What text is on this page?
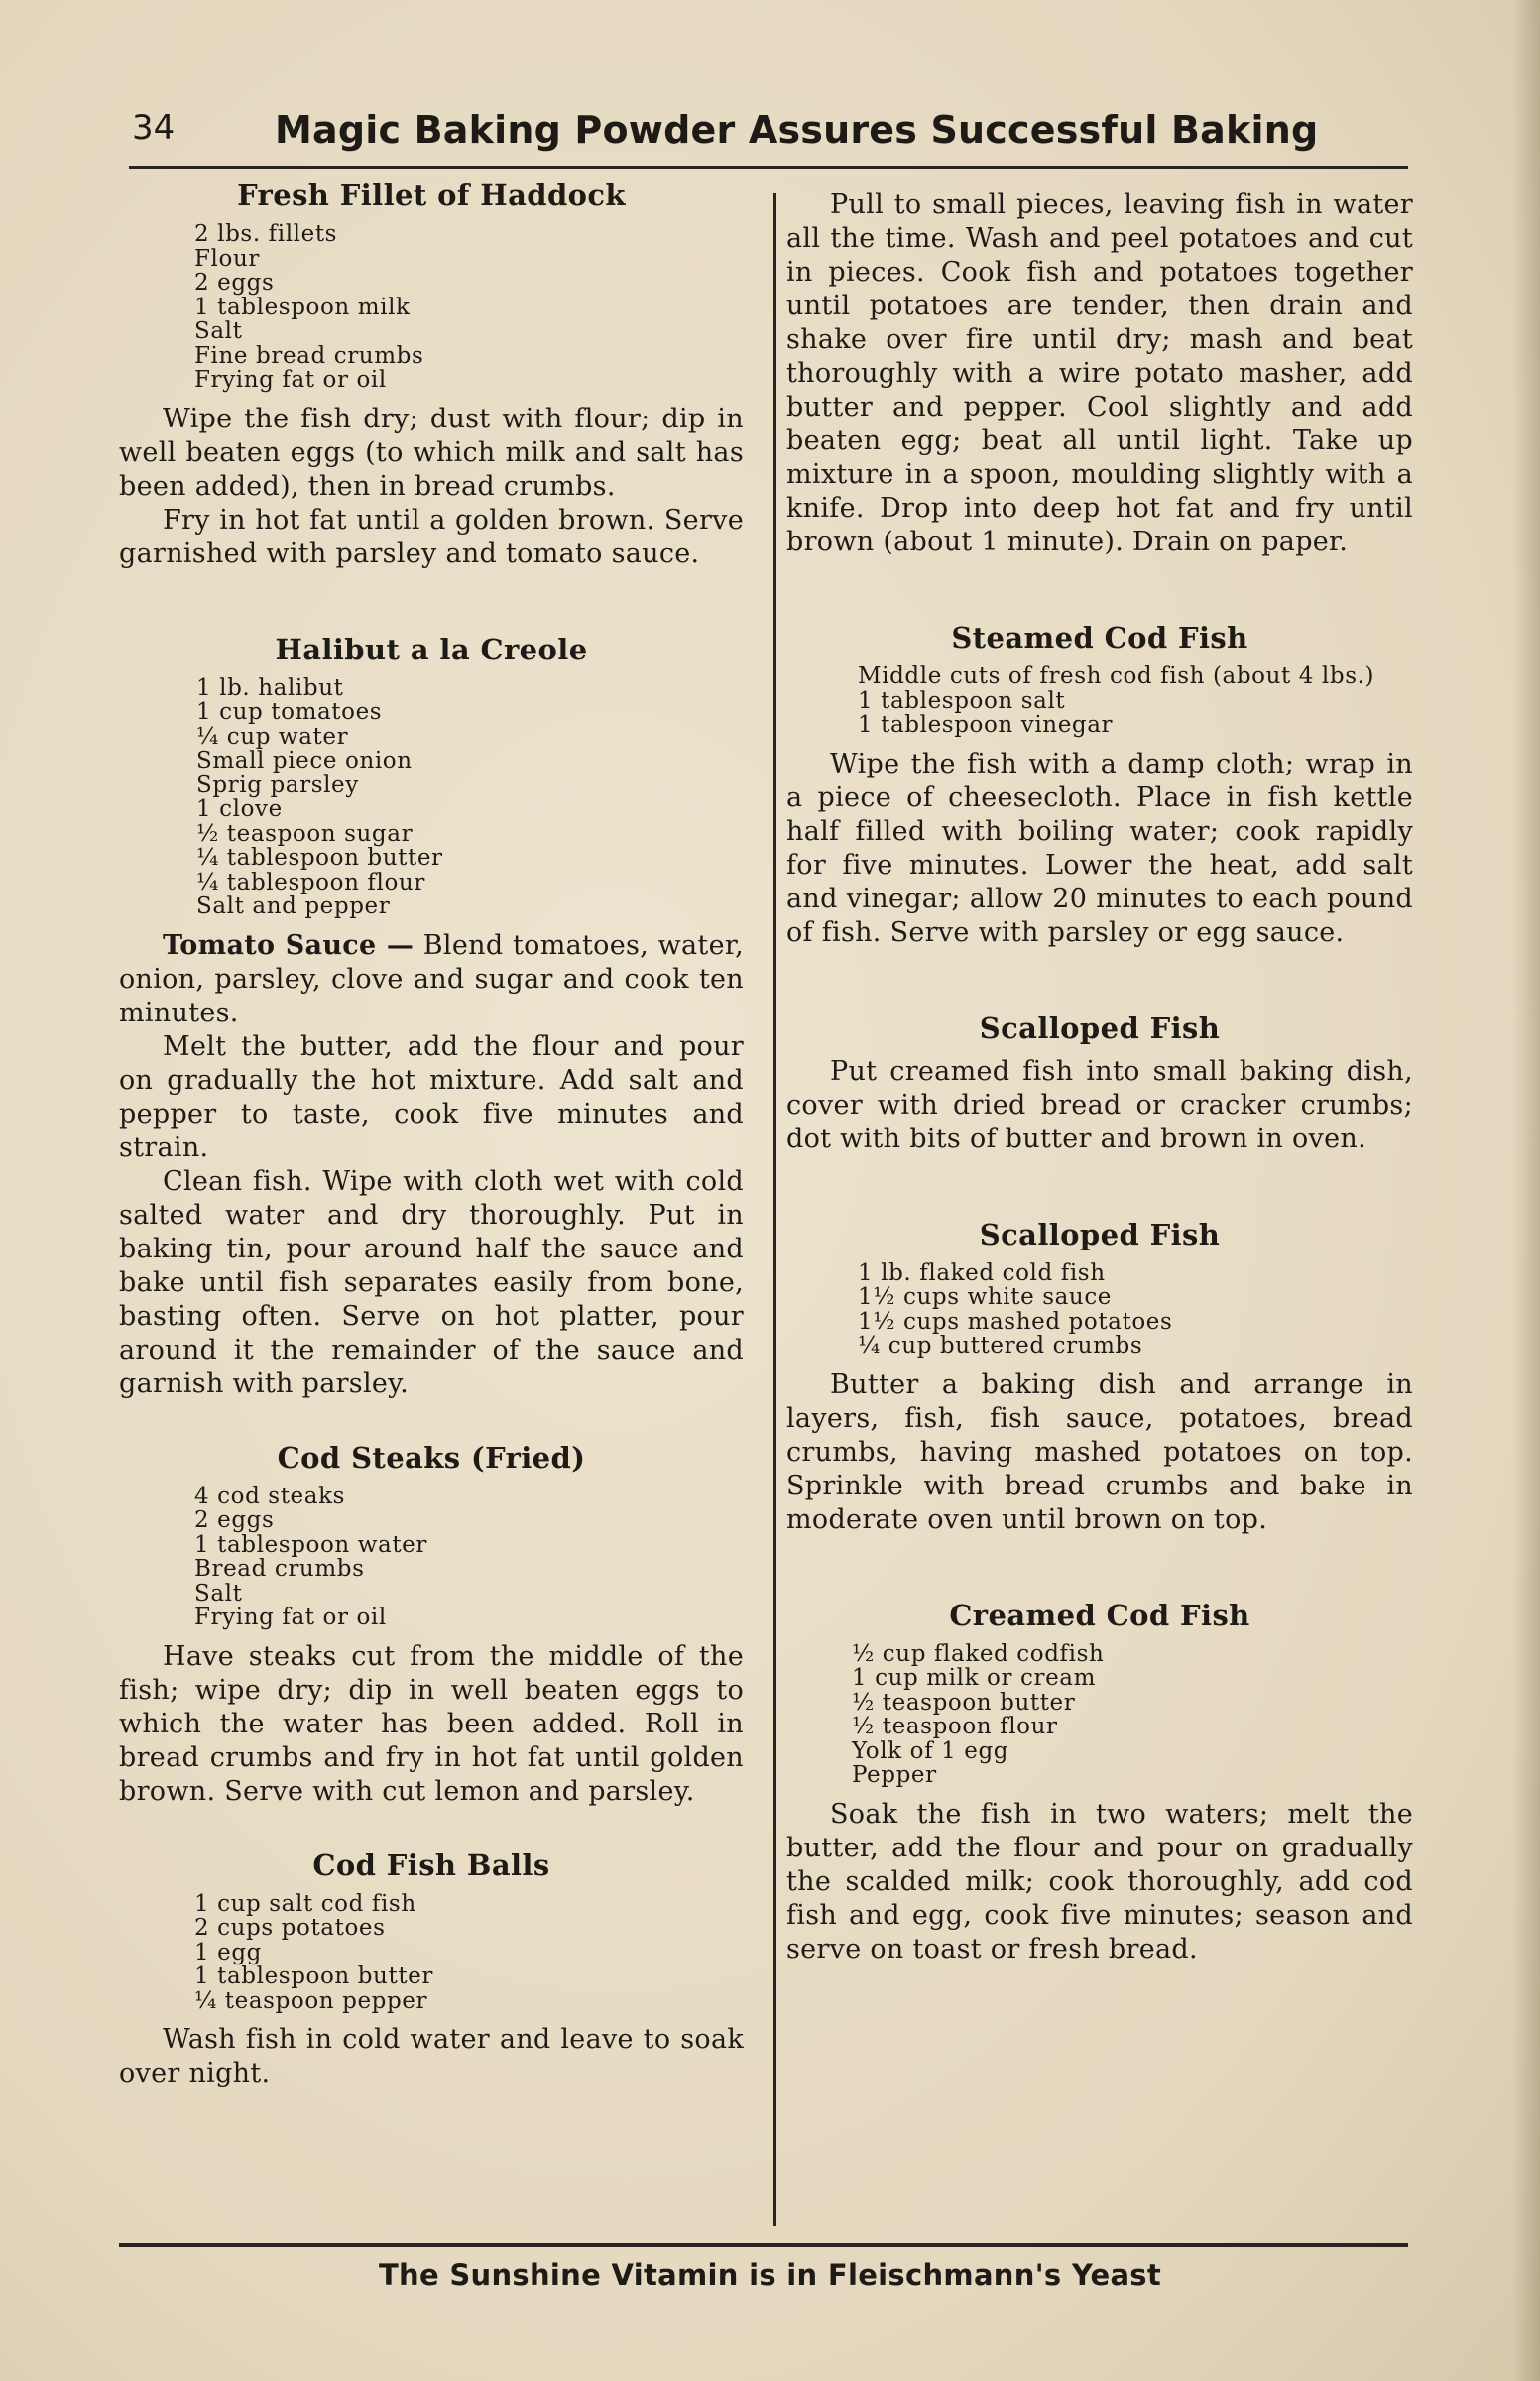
34	Magic Baking Powder Assures Successful Baking
Fresh Fillet of Haddock
2 lbs. fillets
Flour
2 eggs
1 tablespoon milk
Salt
Fine bread crumbs
Frying fat or oil

Wipe the fish dry; dust with flour; dip in well beaten eggs (to which milk and salt has been added), then in bread crumbs.

Fry in hot fat until a golden brown. Serve garnished with parsley and tomato sauce.

Halibut a la Creole
1 lb. halibut
1 cup tomatoes
¼ cup water
Small piece onion
Sprig parsley
1 clove
½ teaspoon sugar
¼ tablespoon butter
¼ tablespoon flour
Salt and pepper

Tomato Sauce — Blend tomatoes, water, onion, parsley, clove and sugar and cook ten minutes.

Melt the butter, add the flour and pour on gradually the hot mixture. Add salt and pepper to taste, cook five minutes and strain.

Clean fish. Wipe with cloth wet with cold salted water and dry thoroughly. Put in baking tin, pour around half the sauce and bake until fish separates easily from bone, basting often. Serve on hot platter, pour around it the remainder of the sauce and garnish with parsley.

Cod Steaks (Fried)
4 cod steaks
2 eggs
1 tablespoon water
Bread crumbs
Salt
Frying fat or oil

Have steaks cut from the middle of the fish; wipe dry; dip in well beaten eggs to which the water has been added. Roll in bread crumbs and fry in hot fat until golden brown. Serve with cut lemon and parsley.

Cod Fish Balls
1 cup salt cod fish
2 cups potatoes
1 egg
1 tablespoon butter
¼ teaspoon pepper

Wash fish in cold water and leave to soak over night.

Pull to small pieces, leaving fish in water all the time. Wash and peel potatoes and cut in pieces. Cook fish and potatoes together until potatoes are tender, then drain and shake over fire until dry; mash and beat thoroughly with a wire potato masher, add butter and pepper. Cool slightly and add beaten egg; beat all until light. Take up mixture in a spoon, moulding slightly with a knife. Drop into deep hot fat and fry until brown (about 1 minute). Drain on paper.

Steamed Cod Fish
Middle cuts of fresh cod fish (about 4 lbs.)
1 tablespoon salt
1 tablespoon vinegar

Wipe the fish with a damp cloth; wrap in a piece of cheesecloth. Place in fish kettle half filled with boiling water; cook rapidly for five minutes. Lower the heat, add salt and vinegar; allow 20 minutes to each pound of fish. Serve with parsley or egg sauce.

Scalloped Fish

Put creamed fish into small baking dish, cover with dried bread or cracker crumbs; dot with bits of butter and brown in oven.

Scalloped Fish
1 lb. flaked cold fish
1½ cups white sauce
1½ cups mashed potatoes
¼ cup buttered crumbs

Butter a baking dish and arrange in layers, fish, fish sauce, potatoes, bread crumbs, having mashed potatoes on top. Sprinkle with bread crumbs and bake in moderate oven until brown on top.

Creamed Cod Fish
½ cup flaked codfish
1 cup milk or cream
½ teaspoon butter
½ teaspoon flour
Yolk of 1 egg
Pepper

Soak the fish in two waters; melt the butter, add the flour and pour on gradually the scalded milk; cook thoroughly, add cod fish and egg, cook five minutes; season and serve on toast or fresh bread.

The Sunshine Vitamin is in Fleischmann's Yeast
